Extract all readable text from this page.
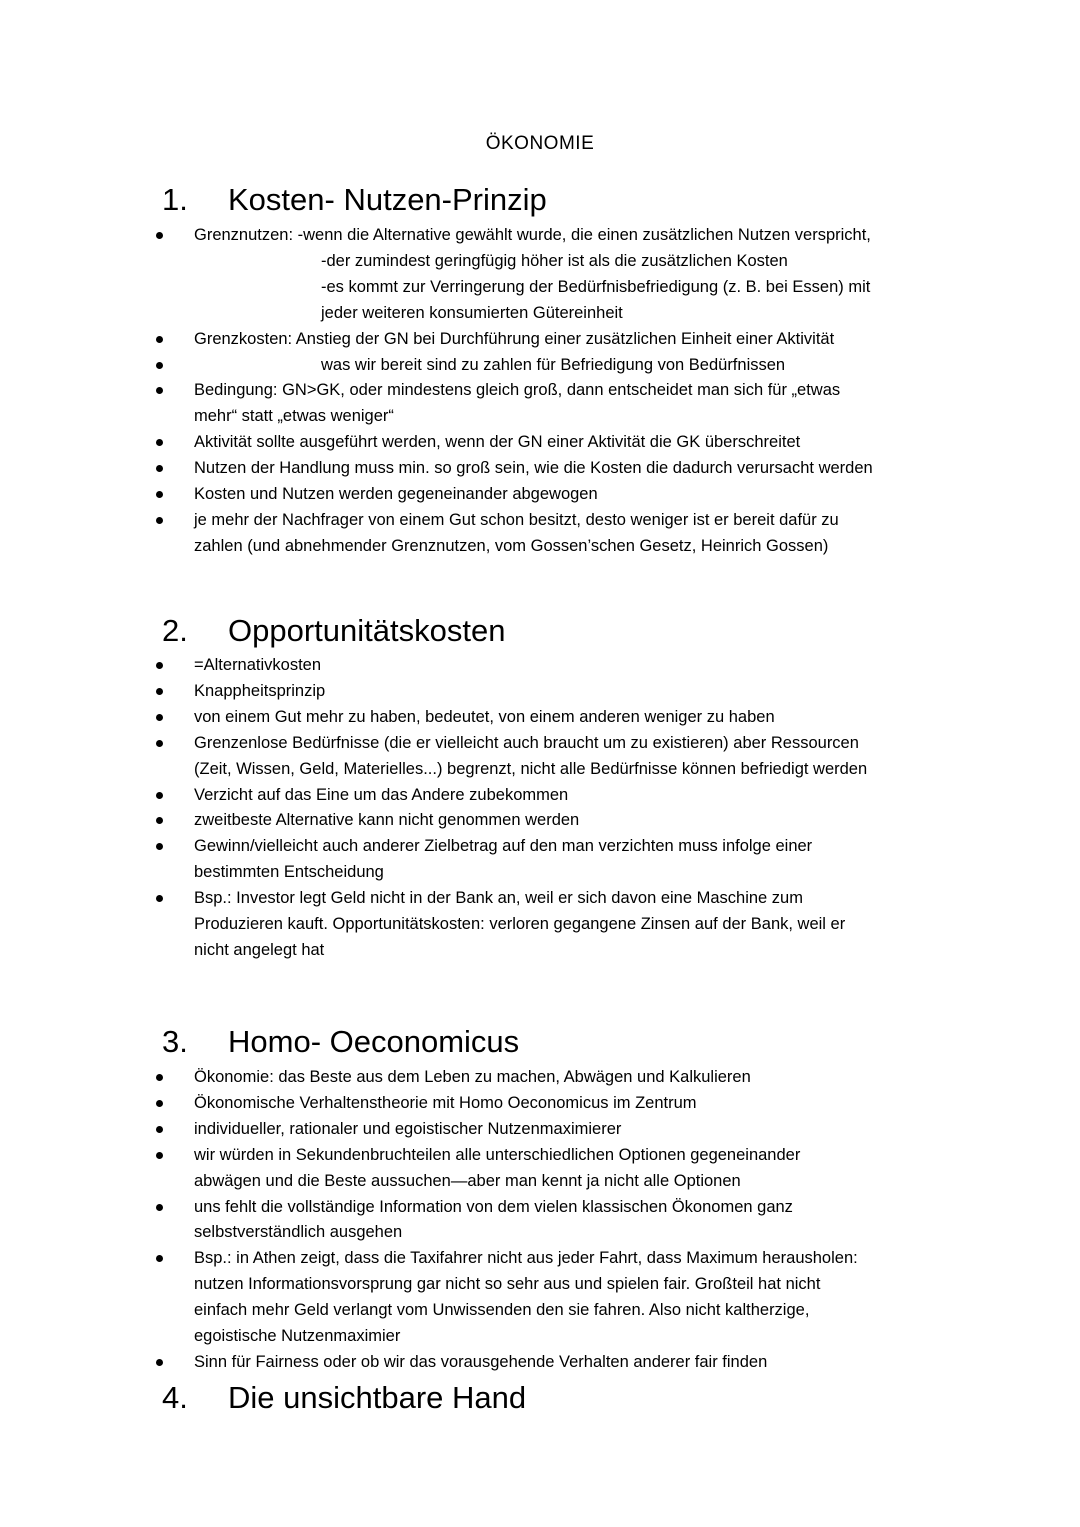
ÖKONOMIE
1.	Kosten- Nutzen-Prinzip
Grenznutzen: -wenn die Alternative gewählt wurde, die einen zusätzlichen Nutzen verspricht,
-der zumindest geringfügig höher ist als die zusätzlichen Kosten
-es kommt zur Verringerung der Bedürfnisbefriedigung (z. B. bei Essen) mit
jeder weiteren konsumierten Gütereinheit
Grenzkosten: Anstieg der GN bei Durchführung einer zusätzlichen Einheit einer Aktivität
was wir bereit sind zu zahlen für Befriedigung von Bedürfnissen
Bedingung: GN>GK, oder mindestens gleich groß, dann entscheidet man sich für „etwas
mehr“ statt „etwas weniger“
Aktivität sollte ausgeführt werden, wenn der GN einer Aktivität die GK überschreitet
Nutzen der Handlung muss min. so groß sein, wie die Kosten die dadurch verursacht werden
Kosten und Nutzen werden gegeneinander abgewogen
je mehr der Nachfrager von einem Gut schon besitzt, desto weniger ist er bereit dafür zu
zahlen (und abnehmender Grenznutzen, vom Gossen’schen Gesetz, Heinrich Gossen)
2.	Opportunitätskosten
=Alternativkosten
Knappheitsprinzip
von einem Gut mehr zu haben, bedeutet, von einem anderen weniger zu haben
Grenzenlose Bedürfnisse (die er vielleicht auch braucht um zu existieren) aber Ressourcen
(Zeit, Wissen, Geld, Materielles...) begrenzt, nicht alle Bedürfnisse können befriedigt werden
Verzicht auf das Eine um das Andere zubekommen
zweitbeste Alternative kann nicht genommen werden
Gewinn/vielleicht auch anderer Zielbetrag auf den man verzichten muss infolge einer
bestimmten Entscheidung
Bsp.: Investor legt Geld nicht in der Bank an, weil er sich davon eine Maschine zum
Produzieren kauft. Opportunitätskosten: verloren gegangene Zinsen auf der Bank, weil er
nicht angelegt hat
3.	Homo- Oeconomicus
Ökonomie: das Beste aus dem Leben zu machen, Abwägen und Kalkulieren
Ökonomische Verhaltenstheorie mit Homo Oeconomicus im Zentrum
individueller, rationaler und egoistischer Nutzenmaximierer
wir würden in Sekundenbruchteilen alle unterschiedlichen Optionen gegeneinander
abwägen und die Beste aussuchen—aber man kennt ja nicht alle Optionen
uns fehlt die vollständige Information von dem vielen klassischen Ökonomen ganz
selbstverständlich ausgehen
Bsp.: in Athen zeigt, dass die Taxifahrer nicht aus jeder Fahrt, dass Maximum herausholen:
nutzen Informationsvorsprung gar nicht so sehr aus und spielen fair. Großteil hat nicht
einfach mehr Geld verlangt vom Unwissenden den sie fahren. Also nicht kaltherzige,
egoistische Nutzenmaximier
Sinn für Fairness oder ob wir das vorausgehende Verhalten anderer fair finden
4.	Die unsichtbare Hand
